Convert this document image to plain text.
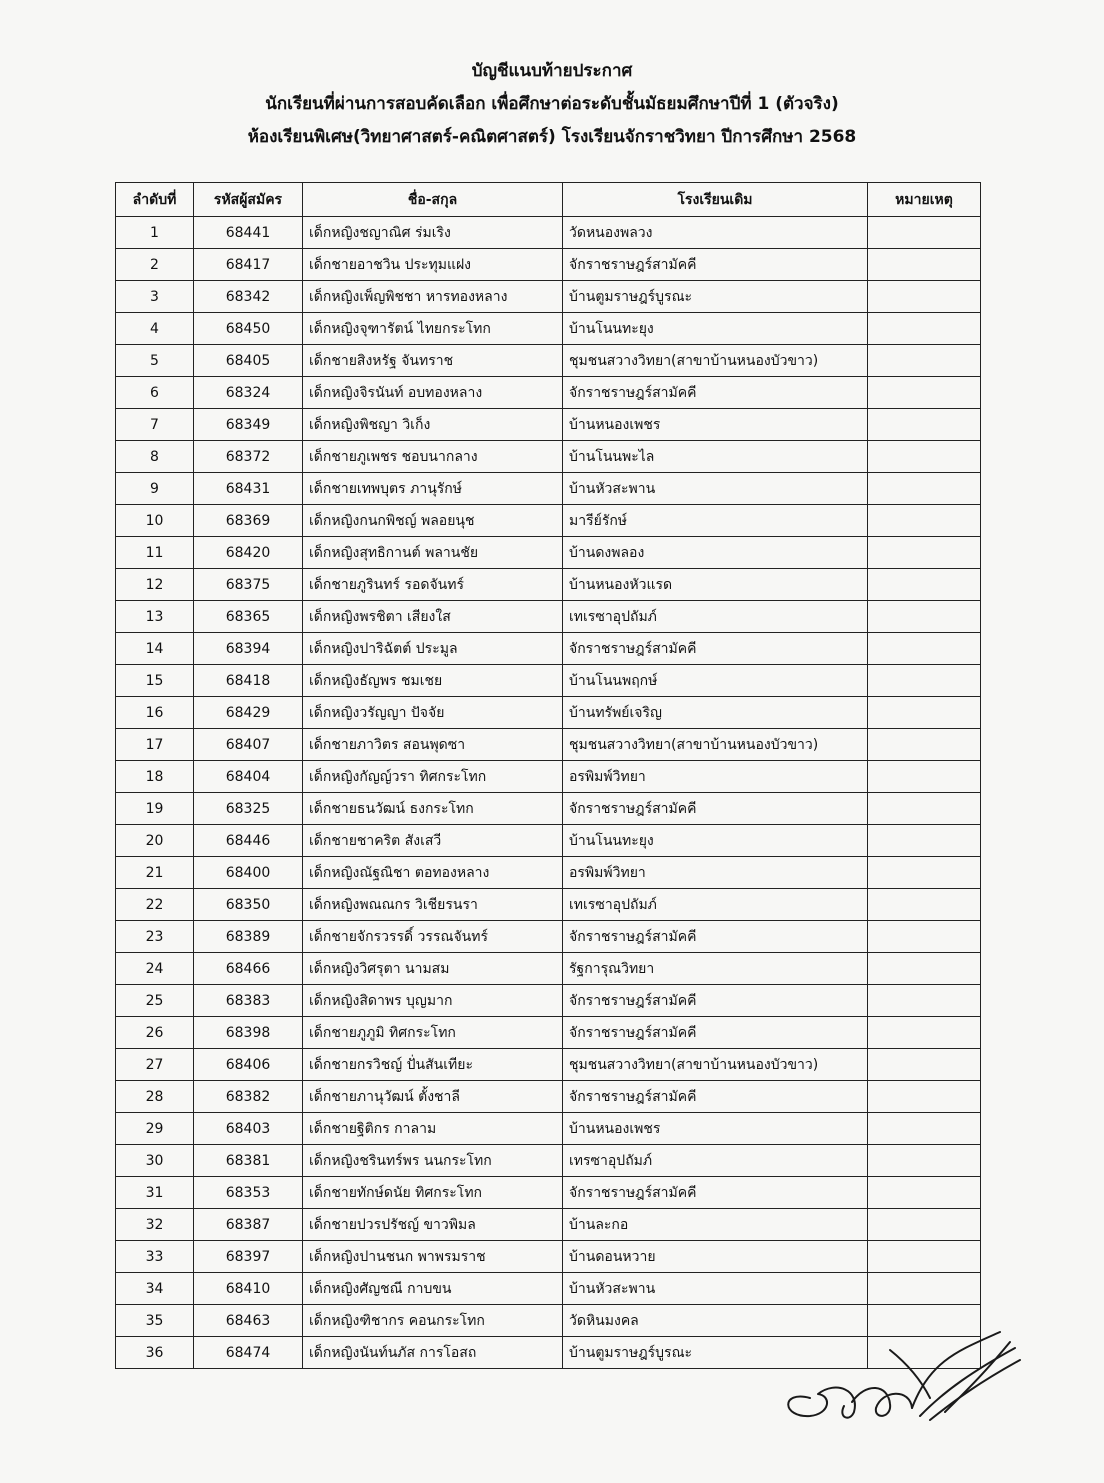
บัญชีแนบท้ายประกาศ
นักเรียนที่ผ่านการสอบคัดเลือก เพื่อศึกษาต่อระดับชั้นมัธยมศึกษาปีที่ 1 (ตัวจริง)
ห้องเรียนพิเศษ(วิทยาศาสตร์-คณิตศาสตร์) โรงเรียนจักราชวิทยา ปีการศึกษา 2568
ลำดับที่	รหัสผู้สมัคร	ชื่อ-สกุล	โรงเรียนเดิม	หมายเหตุ
1	68441	เด็กหญิงชญาณิศ ร่มเริง	วัดหนองพลวง	
2	68417	เด็กชายอาชวิน ประทุมแฝง	จักราชราษฎร์สามัคคี	
3	68342	เด็กหญิงเพ็ญพิชชา หารทองหลาง	บ้านตูมราษฎร์บูรณะ	
4	68450	เด็กหญิงจุฑารัตน์ ไทยกระโทก	บ้านโนนทะยุง	
5	68405	เด็กชายสิงหรัฐ จันทราช	ชุมชนสวางวิทยา(สาขาบ้านหนองบัวขาว)	
6	68324	เด็กหญิงจิรนันท์ อบทองหลาง	จักราชราษฎร์สามัคคี	
7	68349	เด็กหญิงพิชญา วิเก็ง	บ้านหนองเพชร	
8	68372	เด็กชายภูเพชร ชอบนากลาง	บ้านโนนพะไล	
9	68431	เด็กชายเทพบุตร ภานุรักษ์	บ้านหัวสะพาน	
10	68369	เด็กหญิงกนกพิชญ์ พลอยนุช	มารีย์รักษ์	
11	68420	เด็กหญิงสุทธิกานต์ พลานชัย	บ้านดงพลอง	
12	68375	เด็กชายภูรินทร์ รอดจันทร์	บ้านหนองหัวแรด	
13	68365	เด็กหญิงพรชิตา เสียงใส	เทเรซาอุปถัมภ์	
14	68394	เด็กหญิงปาริฉัตต์ ประมูล	จักราชราษฎร์สามัคคี	
15	68418	เด็กหญิงธัญพร ชมเชย	บ้านโนนพฤกษ์	
16	68429	เด็กหญิงวรัญญา ปัจจัย	บ้านทรัพย์เจริญ	
17	68407	เด็กชายภาวิตร สอนพุดซา	ชุมชนสวางวิทยา(สาขาบ้านหนองบัวขาว)	
18	68404	เด็กหญิงกัญญ์วรา ทิศกระโทก	อรพิมพ์วิทยา	
19	68325	เด็กชายธนวัฒน์ ธงกระโทก	จักราชราษฎร์สามัคคี	
20	68446	เด็กชายชาคริต สังเสวี	บ้านโนนทะยุง	
21	68400	เด็กหญิงณัฐณิชา ตอทองหลาง	อรพิมพ์วิทยา	
22	68350	เด็กหญิงพณณกร วิเชียรนรา	เทเรซาอุปถัมภ์	
23	68389	เด็กชายจักรวรรดิ์ วรรณจันทร์	จักราชราษฎร์สามัคคี	
24	68466	เด็กหญิงวิศรุตา นามสม	รัฐการุณวิทยา	
25	68383	เด็กหญิงสิดาพร บุญมาก	จักราชราษฎร์สามัคคี	
26	68398	เด็กชายภูภูมิ ทิศกระโทก	จักราชราษฎร์สามัคคี	
27	68406	เด็กชายกรวิชญ์ ปั่นสันเทียะ	ชุมชนสวางวิทยา(สาขาบ้านหนองบัวขาว)	
28	68382	เด็กชายภานุวัฒน์ ตั้งชาลี	จักราชราษฎร์สามัคคี	
29	68403	เด็กชายฐิติกร กาลาม	บ้านหนองเพชร	
30	68381	เด็กหญิงชรินทร์พร นนกระโทก	เทรซาอุปถัมภ์	
31	68353	เด็กชายทักษ์ดนัย ทิศกระโทก	จักราชราษฎร์สามัคคี	
32	68387	เด็กชายปวรปรัชญ์ ขาวพิมล	บ้านละกอ	
33	68397	เด็กหญิงปานชนก พาพรมราช	บ้านดอนหวาย	
34	68410	เด็กหญิงศัญชณี กาบขน	บ้านหัวสะพาน	
35	68463	เด็กหญิงฑิชากร คอนกระโทก	วัดหินมงคล	
36	68474	เด็กหญิงนันท์นภัส การโอสถ	บ้านตูมราษฎร์บูรณะ	
